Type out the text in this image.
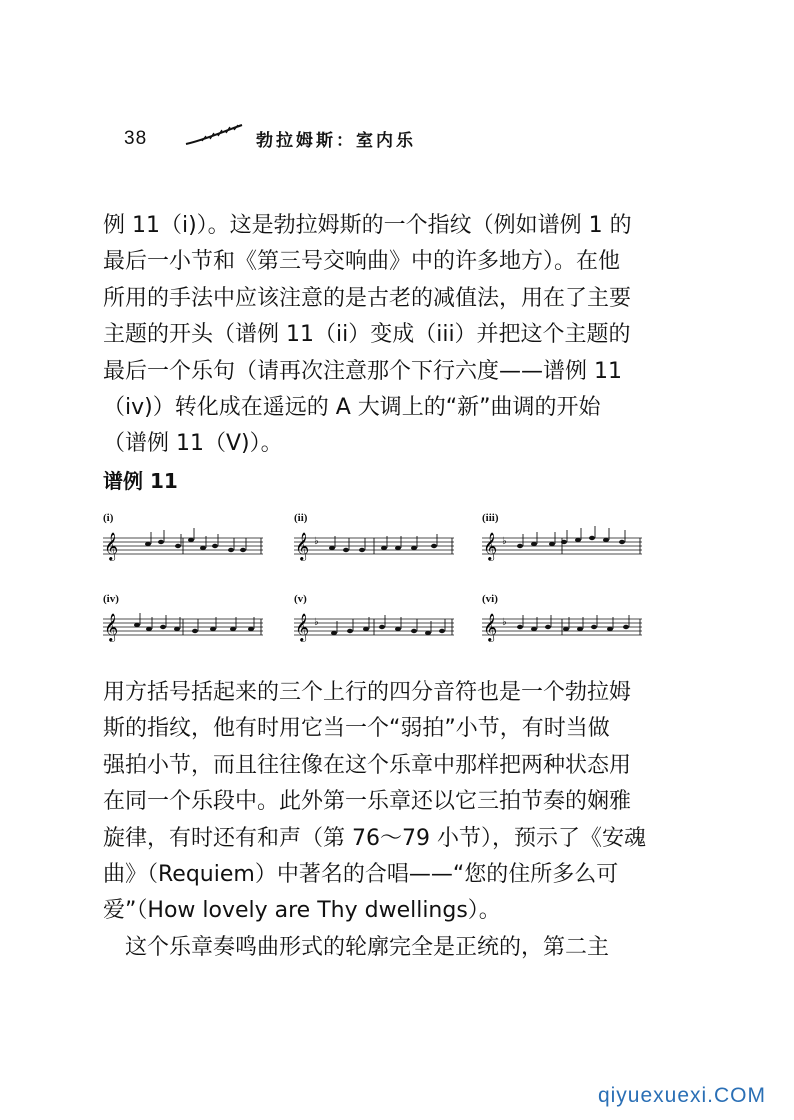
38	勃拉姆斯：室内乐
例 11（i)）。这是勃拉姆斯的一个指纹（例如谱例 1 的
最后一小节和《第三号交响曲》中的许多地方）。在他
所用的手法中应该注意的是古老的减值法，用在了主要
主题的开头（谱例 11（ii）变成（iii）并把这个主题的
最后一个乐句（请再次注意那个下行六度——谱例 11
（iv)）转化成在遥远的 A 大调上的“新”曲调的开始
（谱例 11（V)）。
谱例 11
(i)
𝄞
(ii)
𝄞 ♭
(iii)
𝄞 ♭
(iv)
𝄞
(v)
𝄞 ♭
(vi)
𝄞 ♭
用方括号括起来的三个上行的四分音符也是一个勃拉姆
斯的指纹，他有时用它当一个“弱拍”小节，有时当做
强拍小节，而且往往像在这个乐章中那样把两种状态用
在同一个乐段中。此外第一乐章还以它三拍节奏的娴雅
旋律，有时还有和声（第 76～79 小节），预示了《安魂
曲》（Requiem）中著名的合唱——“您的住所多么可
爱”（How lovely are Thy dwellings）。
　这个乐章奏鸣曲形式的轮廓完全是正统的，第二主
qiyuexuexi.COM
